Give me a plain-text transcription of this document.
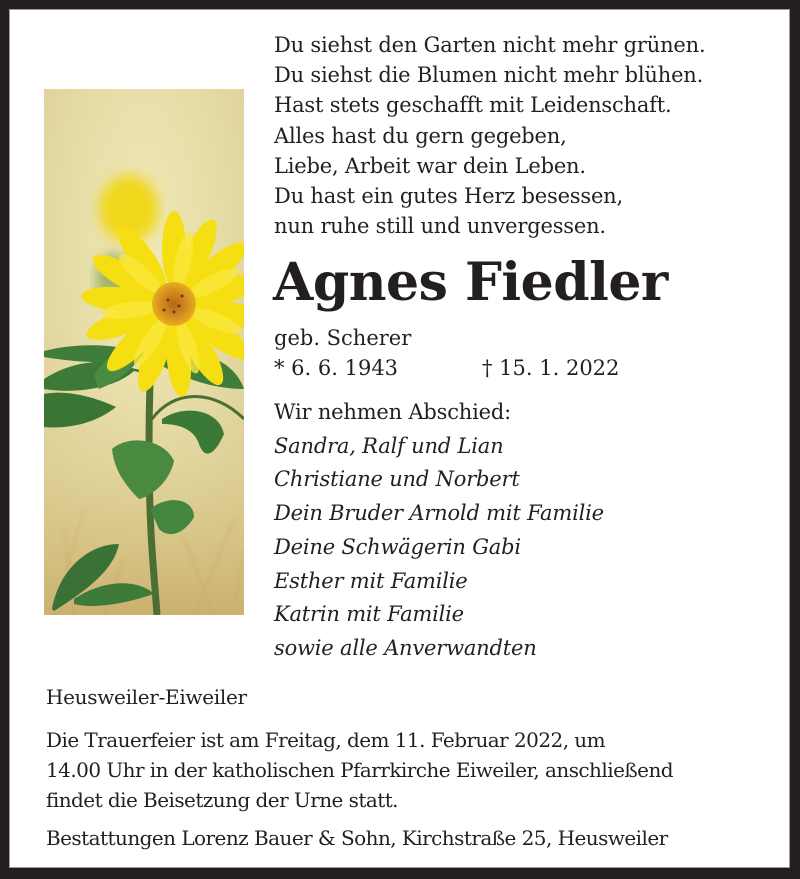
Du siehst den Garten nicht mehr grünen.
Du siehst die Blumen nicht mehr blühen.
Hast stets geschafft mit Leidenschaft.
Alles hast du gern gegeben,
Liebe, Arbeit war dein Leben.
Du hast ein gutes Herz besessen,
nun ruhe still und unvergessen.
Agnes Fiedler
geb. Scherer
* 6. 6. 1943	† 15. 1. 2022
Wir nehmen Abschied:
Sandra, Ralf und Lian
Christiane und Norbert
Dein Bruder Arnold mit Familie
Deine Schwägerin Gabi
Esther mit Familie
Katrin mit Familie
sowie alle Anverwandten
Heusweiler-Eiweiler
Die Trauerfeier ist am Freitag, dem 11. Februar 2022, um
14.00 Uhr in der katholischen Pfarrkirche Eiweiler, anschließend
findet die Beisetzung der Urne statt.
Bestattungen Lorenz Bauer & Sohn, Kirchstraße 25, Heusweiler
